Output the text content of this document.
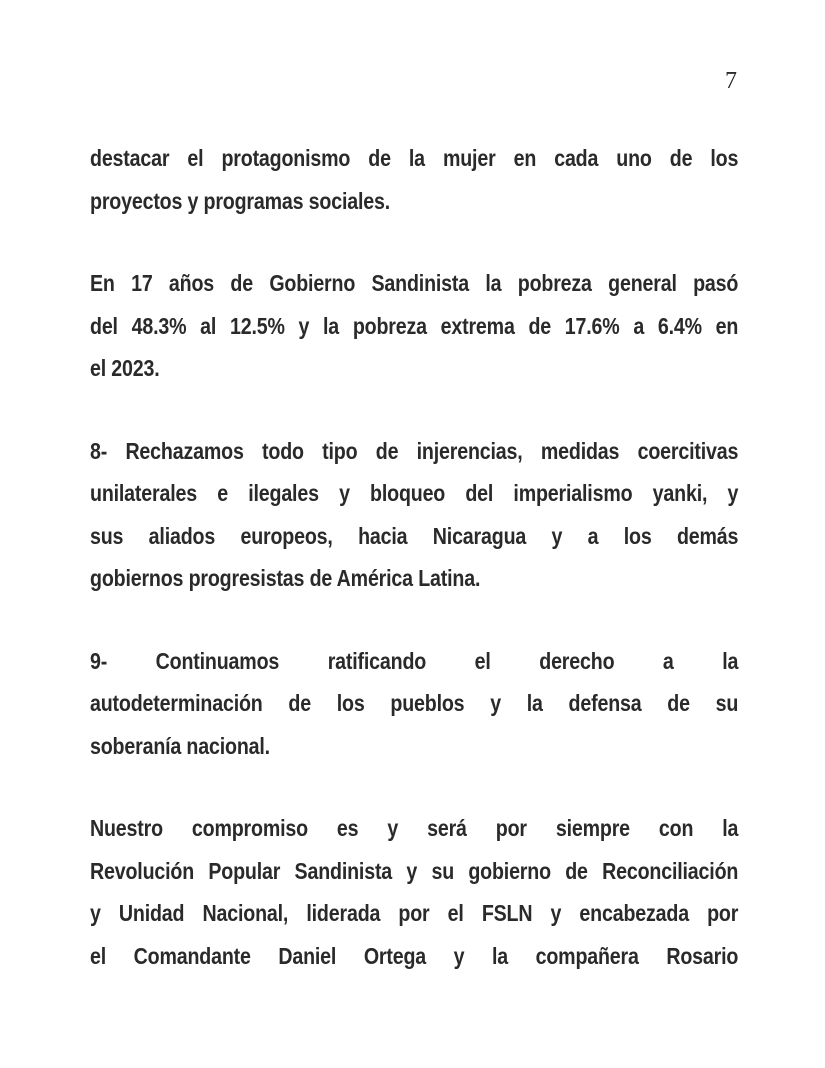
7

destacar el protagonismo de la mujer en cada uno de los
proyectos y programas sociales.

En 17 años de Gobierno Sandinista la pobreza general pasó
del 48.3% al 12.5% y la pobreza extrema de 17.6% a 6.4% en
el 2023.

8- Rechazamos todo tipo de injerencias, medidas coercitivas
unilaterales e ilegales y bloqueo del imperialismo yanki, y
sus aliados europeos, hacia Nicaragua y a los demás
gobiernos progresistas de América Latina.

9- Continuamos ratificando el derecho a la
autodeterminación de los pueblos y la defensa de su
soberanía nacional.

Nuestro compromiso es y será por siempre con la
Revolución Popular Sandinista y su gobierno de Reconciliación
y Unidad Nacional, liderada por el FSLN y encabezada por
el Comandante Daniel Ortega y la compañera Rosario
